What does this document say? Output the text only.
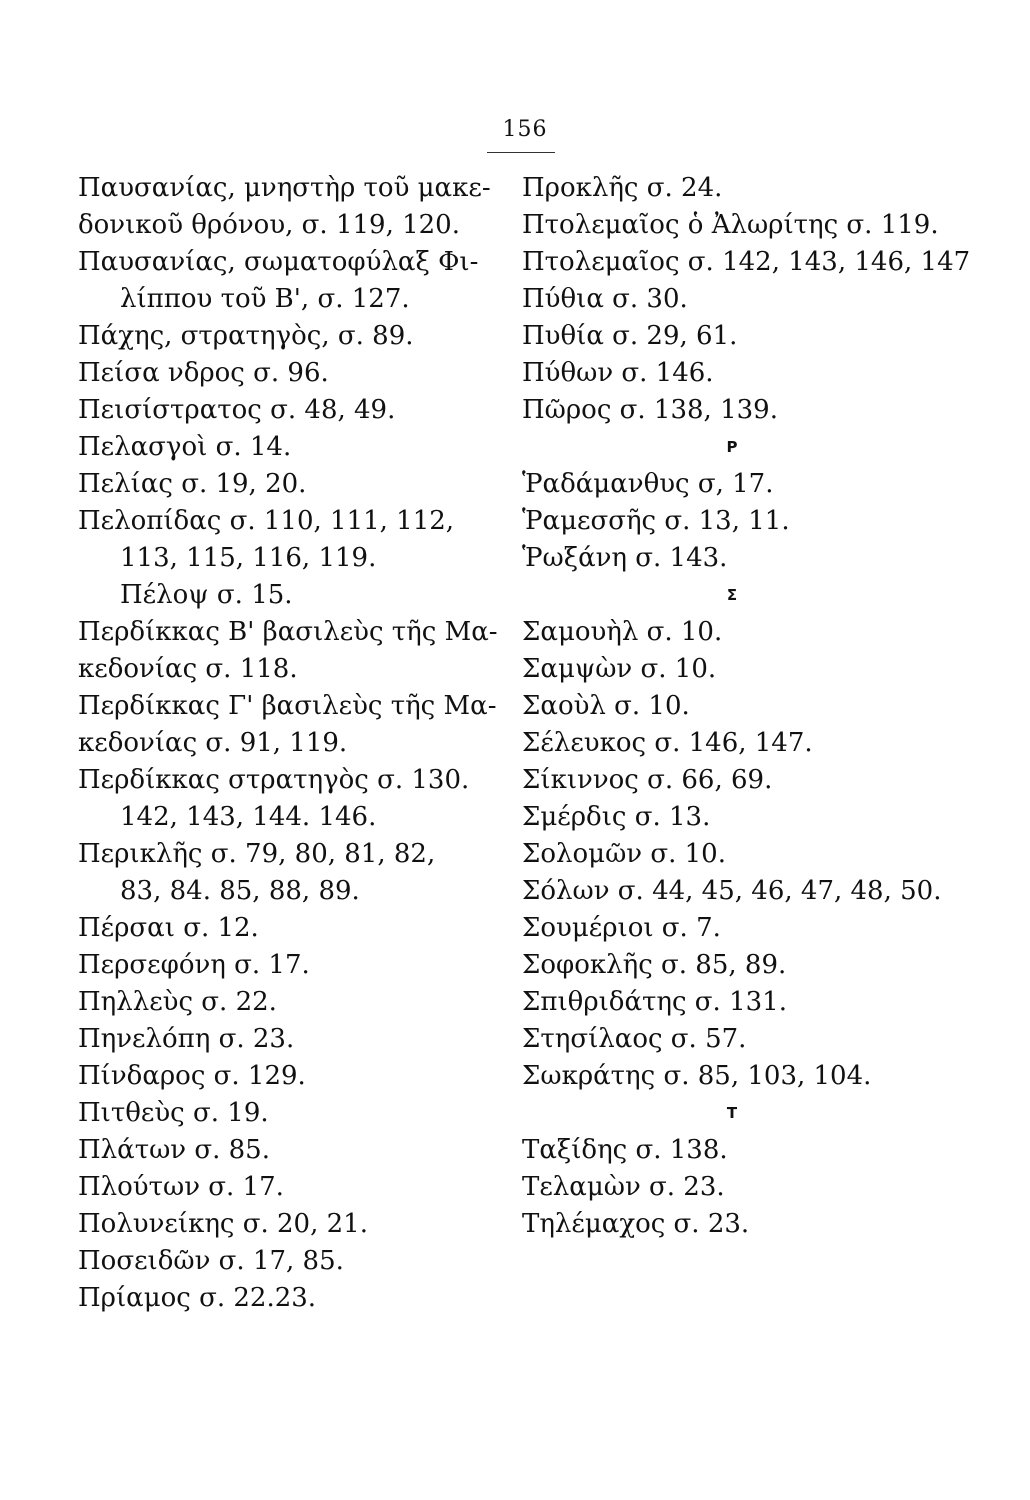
156
Παυσανίας, μνηστὴρ τοῦ μακε-
δονικοῦ θρόνου, σ. 119, 120.
Παυσανίας, σωματοφύλαξ Φι-
λίππου τοῦ Β', σ. 127.
Πάχης, στρατηγὸς, σ. 89.
Πείσα νδρος σ. 96.
Πεισίστρατος σ. 48, 49.
Πελασγοὶ σ. 14.
Πελίας σ. 19, 20.
Πελοπίδας σ. 110, 111, 112,
113, 115, 116, 119.
Πέλοψ σ. 15.
Περδίκκας Β' βασιλεὺς τῆς Μα-
κεδονίας σ. 118.
Περδίκκας Γ' βασιλεὺς τῆς Μα-
κεδονίας σ. 91, 119.
Περδίκκας στρατηγὸς σ. 130.
142, 143, 144. 146.
Περικλῆς σ. 79, 80, 81, 82,
83, 84. 85, 88, 89.
Πέρσαι σ. 12.
Περσεφόνη σ. 17.
Πηλλεὺς σ. 22.
Πηνελόπη σ. 23.
Πίνδαρος σ. 129.
Πιτθεὺς σ. 19.
Πλάτων σ. 85.
Πλούτων σ. 17.
Πολυνείκης σ. 20, 21.
Ποσειδῶν σ. 17, 85.
Πρίαμος σ. 22.23.
Προκλῆς σ. 24.
Πτολεμαῖος ὁ Ἀλωρίτης σ. 119.
Πτολεμαῖος σ. 142, 143, 146, 147
Πύθια σ. 30.
Πυθία σ. 29, 61.
Πύθων σ. 146.
Πῶρος σ. 138, 139.
Ρ
Ῥαδάμανθυς σ, 17.
Ῥαμεσσῆς σ. 13, 11.
Ῥωξάνη σ. 143.
Σ
Σαμουὴλ σ. 10.
Σαμψὼν σ. 10.
Σαοὺλ σ. 10.
Σέλευκος σ. 146, 147.
Σίκιννος σ. 66, 69.
Σμέρδις σ. 13.
Σολομῶν σ. 10.
Σόλων σ. 44, 45, 46, 47, 48, 50.
Σουμέριοι σ. 7.
Σοφοκλῆς σ. 85, 89.
Σπιθριδάτης σ. 131.
Στησίλαος σ. 57.
Σωκράτης σ. 85, 103, 104.
Τ
Ταξίδης σ. 138.
Τελαμὼν σ. 23.
Τηλέμαχος σ. 23.
